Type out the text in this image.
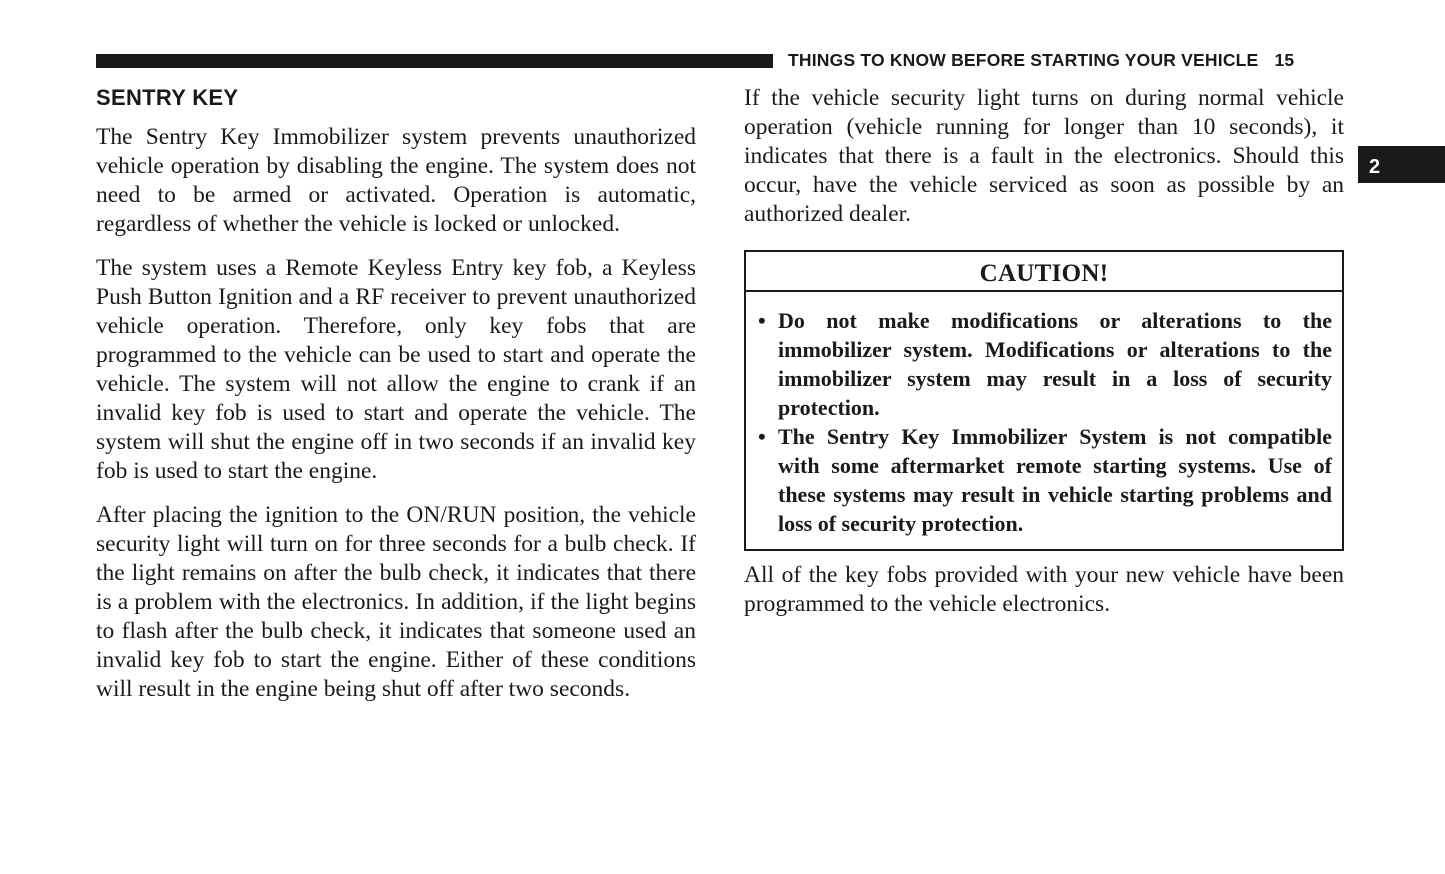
THINGS TO KNOW BEFORE STARTING YOUR VEHICLE 15
2
SENTRY KEY

The Sentry Key Immobilizer system prevents unauthorized vehicle operation by disabling the engine. The system does not need to be armed or activated. Operation is automatic, regardless of whether the vehicle is locked or unlocked.

The system uses a Remote Keyless Entry key fob, a Keyless Push Button Ignition and a RF receiver to prevent unauthorized vehicle operation. Therefore, only key fobs that are programmed to the vehicle can be used to start and operate the vehicle. The system will not allow the engine to crank if an invalid key fob is used to start and operate the vehicle. The system will shut the engine off in two seconds if an invalid key fob is used to start the engine.

After placing the ignition to the ON/RUN position, the vehicle security light will turn on for three seconds for a bulb check. If the light remains on after the bulb check, it indicates that there is a problem with the electronics. In addition, if the light begins to flash after the bulb check, it indicates that someone used an invalid key fob to start the engine. Either of these conditions will result in the engine being shut off after two seconds.

If the vehicle security light turns on during normal vehicle operation (vehicle running for longer than 10 seconds), it indicates that there is a fault in the electronics. Should this occur, have the vehicle serviced as soon as possible by an authorized dealer.

CAUTION!
• Do not make modifications or alterations to the immobilizer system. Modifications or alterations to the immobilizer system may result in a loss of security protection.
• The Sentry Key Immobilizer System is not compatible with some aftermarket remote starting systems. Use of these systems may result in vehicle starting problems and loss of security protection.

All of the key fobs provided with your new vehicle have been programmed to the vehicle electronics.
